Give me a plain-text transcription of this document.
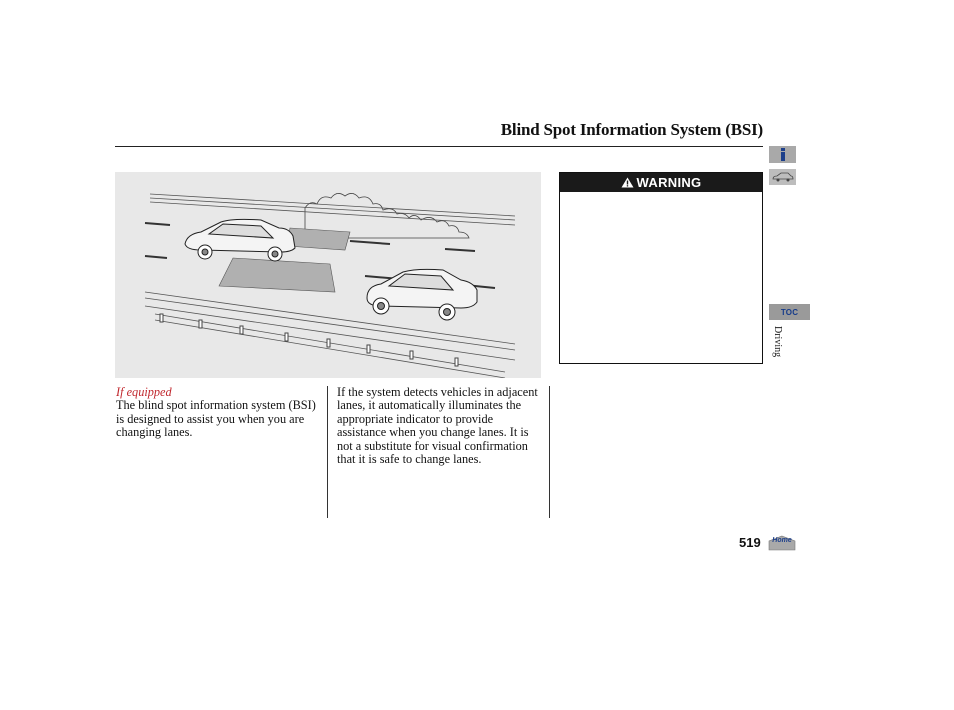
Blind Spot Information System (BSI)
If equipped
The blind spot information system (BSI) is designed to assist you when you are changing lanes.
If the system detects vehicles in adjacent lanes, it automatically illuminates the appropriate indicator to provide assistance when you change lanes. It is not a substitute for visual confirmation that it is safe to change lanes.
WARNING
TOC
Driving
519	Home
